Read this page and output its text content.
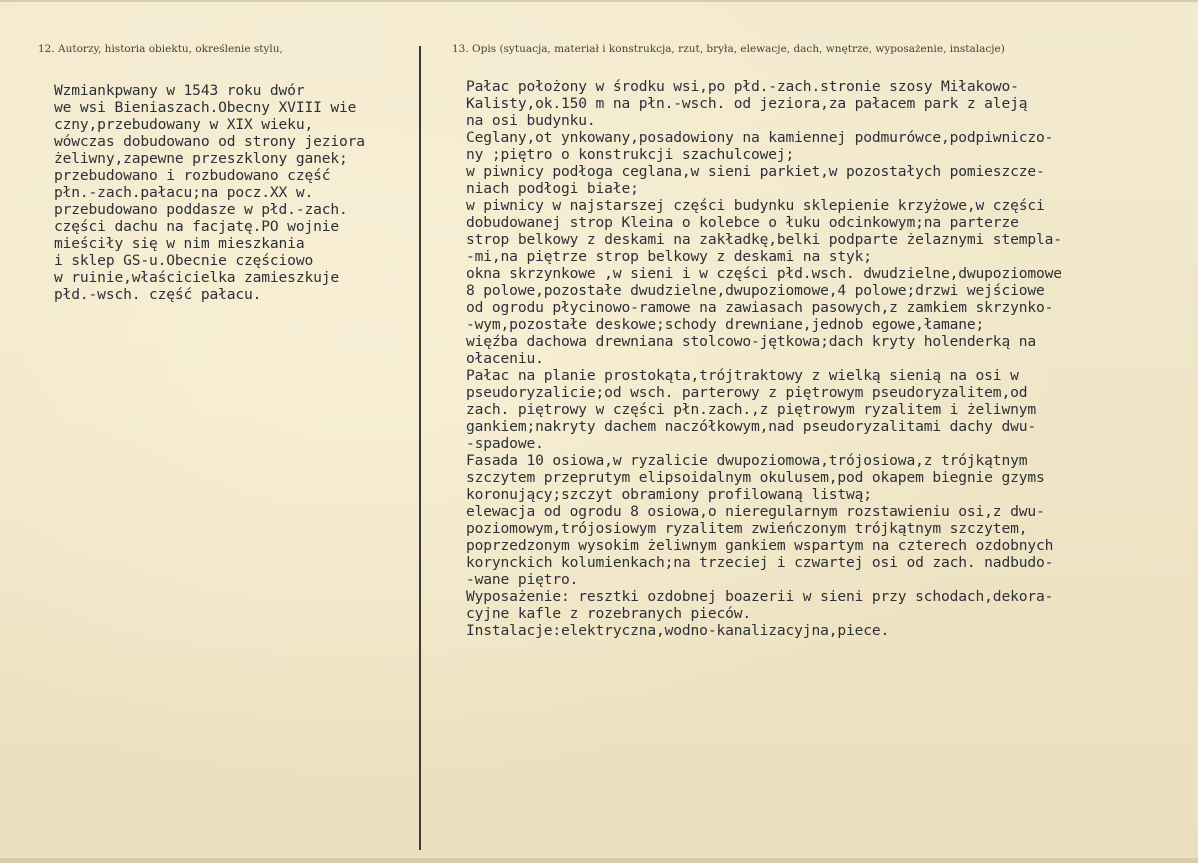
12. Autorzy, historia obiektu, określenie stylu,	13. Opis (sytuacja, materiał i konstrukcja, rzut, bryła, elewacje, dach, wnętrze, wyposażenie, instalacje)
Wzmiankpwany w 1543 roku dwór
we wsi Bieniaszach.Obecny XVIII wie
czny,przebudowany w XIX wieku,
wówczas dobudowano od strony jeziora
żeliwny,zapewne przeszklony ganek;
przebudowano i rozbudowano część
płn.-zach.pałacu;na pocz.XX w.
przebudowano poddasze w płd.-zach.
części dachu na facjatę.PO wojnie
mieściły się w nim mieszkania
i sklep GS-u.Obecnie częściowo
w ruinie,właścicielka zamieszkuje
płd.-wsch. część pałacu.
Pałac położony w środku wsi,po płd.-zach.stronie szosy Miłakowo-
Kalisty,ok.150 m na płn.-wsch. od jeziora,za pałacem park z aleją
na osi budynku.
Ceglany,ot ynkowany,posadowiony na kamiennej podmurówce,podpiwniczo-
ny ;piętro o konstrukcji szachulcowej;
w piwnicy podłoga ceglana,w sieni parkiet,w pozostałych pomieszcze-
niach podłogi białe;
w piwnicy w najstarszej części budynku sklepienie krzyżowe,w części
dobudowanej strop Kleina o kolebce o łuku odcinkowym;na parterze
strop belkowy z deskami na zakładkę,belki podparte żelaznymi stempla-
-mi,na piętrze strop belkowy z deskami na styk;
okna skrzynkowe ,w sieni i w części płd.wsch. dwudzielne,dwupoziomowe
8 polowe,pozostałe dwudzielne,dwupoziomowe,4 polowe;drzwi wejściowe
od ogrodu płycinowo-ramowe na zawiasach pasowych,z zamkiem skrzynko-
-wym,pozostałe deskowe;schody drewniane,jednob egowe,łamane;
więźba dachowa drewniana stolcowo-jętkowa;dach kryty holenderką na
ołaceniu.
Pałac na planie prostokąta,trójtraktowy z wielką sienią na osi w
pseudoryzalicie;od wsch. parterowy z piętrowym pseudoryzalitem,od
zach. piętrowy w części płn.zach.,z piętrowym ryzalitem i żeliwnym
gankiem;nakryty dachem naczółkowym,nad pseudoryzalitami dachy dwu-
-spadowe.
Fasada 10 osiowa,w ryzalicie dwupoziomowa,trójosiowa,z trójkątnym
szczytem przeprutym elipsoidalnym okulusem,pod okapem biegnie gzyms
koronujący;szczyt obramiony profilowaną listwą;
elewacja od ogrodu 8 osiowa,o nieregularnym rozstawieniu osi,z dwu-
poziomowym,trójosiowym ryzalitem zwieńczonym trójkątnym szczytem,
poprzedzonym wysokim żeliwnym gankiem wspartym na czterech ozdobnych
korynckich kolumienkach;na trzeciej i czwartej osi od zach. nadbudo-
-wane piętro.
Wyposażenie: resztki ozdobnej boazerii w sieni przy schodach,dekora-
cyjne kafle z rozebranych pieców.
Instalacje:elektryczna,wodno-kanalizacyjna,piece.
